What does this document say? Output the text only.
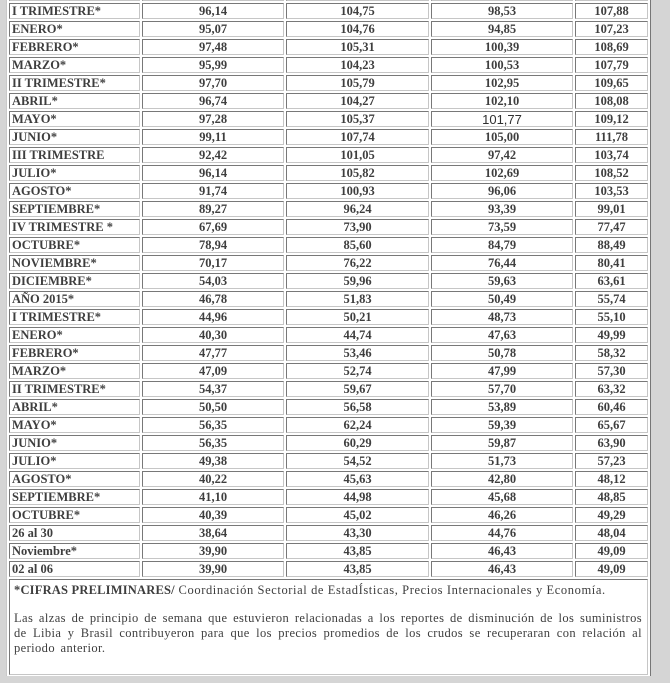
I TRIMESTRE*	96,14	104,75	98,53	107,88
ENERO*	95,07	104,76	94,85	107,23
FEBRERO*	97,48	105,31	100,39	108,69
MARZO*	95,99	104,23	100,53	107,79
II TRIMESTRE*	97,70	105,79	102,95	109,65
ABRIL*	96,74	104,27	102,10	108,08
MAYO*	97,28	105,37	101,77	109,12
JUNIO*	99,11	107,74	105,00	111,78
III TRIMESTRE	92,42	101,05	97,42	103,74
JULIO*	96,14	105,82	102,69	108,52
AGOSTO*	91,74	100,93	96,06	103,53
SEPTIEMBRE*	89,27	96,24	93,39	99,01
IV TRIMESTRE *	67,69	73,90	73,59	77,47
OCTUBRE*	78,94	85,60	84,79	88,49
NOVIEMBRE*	70,17	76,22	76,44	80,41
DICIEMBRE*	54,03	59,96	59,63	63,61
AÑO 2015*	46,78	51,83	50,49	55,74
I TRIMESTRE*	44,96	50,21	48,73	55,10
ENERO*	40,30	44,74	47,63	49,99
FEBRERO*	47,77	53,46	50,78	58,32
MARZO*	47,09	52,74	47,99	57,30
II TRIMESTRE*	54,37	59,67	57,70	63,32
ABRIL*	50,50	56,58	53,89	60,46
MAYO*	56,35	62,24	59,39	65,67
JUNIO*	56,35	60,29	59,87	63,90
JULIO*	49,38	54,52	51,73	57,23
AGOSTO*	40,22	45,63	42,80	48,12
SEPTIEMBRE*	41,10	44,98	45,68	48,85
OCTUBRE*	40,39	45,02	46,26	49,29
26 al 30	38,64	43,30	44,76	48,04
Noviembre*	39,90	43,85	46,43	49,09
02 al 06	39,90	43,85	46,43	49,09

*CIFRAS PRELIMINARES/ Coordinación Sectorial de EstadÍsticas, Precios Internacionales y Economía.

Las alzas de principio de semana que estuvieron relacionadas a los reportes de disminución de los suministros de Libia y Brasil contribuyeron para que los precios promedios de los crudos se recuperaran con relación al periodo anterior.				
